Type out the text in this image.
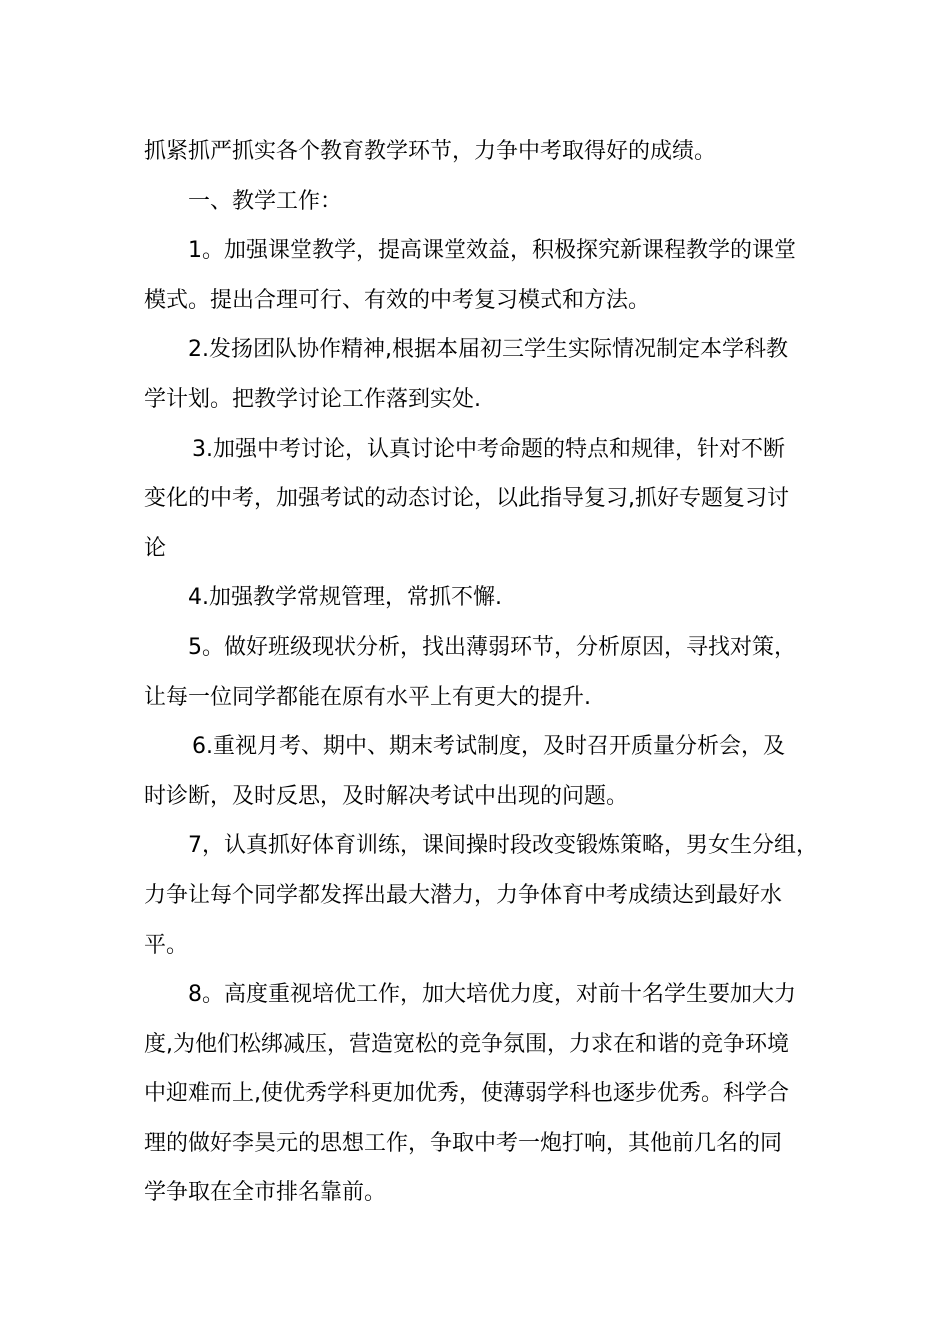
抓紧抓严抓实各个教育教学环节，力争中考取得好的成绩。
一、教学工作：
1。加强课堂教学，提高课堂效益，积极探究新课程教学的课堂
模式。提出合理可行、有效的中考复习模式和方法。
2.发扬团队协作精神,根据本届初三学生实际情况制定本学科教
学计划。把教学讨论工作落到实处.
3.加强中考讨论，认真讨论中考命题的特点和规律，针对不断
变化的中考，加强考试的动态讨论，以此指导复习,抓好专题复习讨
论
4.加强教学常规管理，常抓不懈.
5。做好班级现状分析，找出薄弱环节，分析原因，寻找对策，
让每一位同学都能在原有水平上有更大的提升.
6.重视月考、期中、期末考试制度，及时召开质量分析会，及
时诊断，及时反思，及时解决考试中出现的问题。
7，认真抓好体育训练，课间操时段改变锻炼策略，男女生分组，
力争让每个同学都发挥出最大潜力，力争体育中考成绩达到最好水
平。
8。高度重视培优工作，加大培优力度，对前十名学生要加大力
度,为他们松绑减压，营造宽松的竞争氛围，力求在和谐的竞争环境
中迎难而上,使优秀学科更加优秀，使薄弱学科也逐步优秀。科学合
理的做好李昊元的思想工作，争取中考一炮打响，其他前几名的同
学争取在全市排名靠前。
